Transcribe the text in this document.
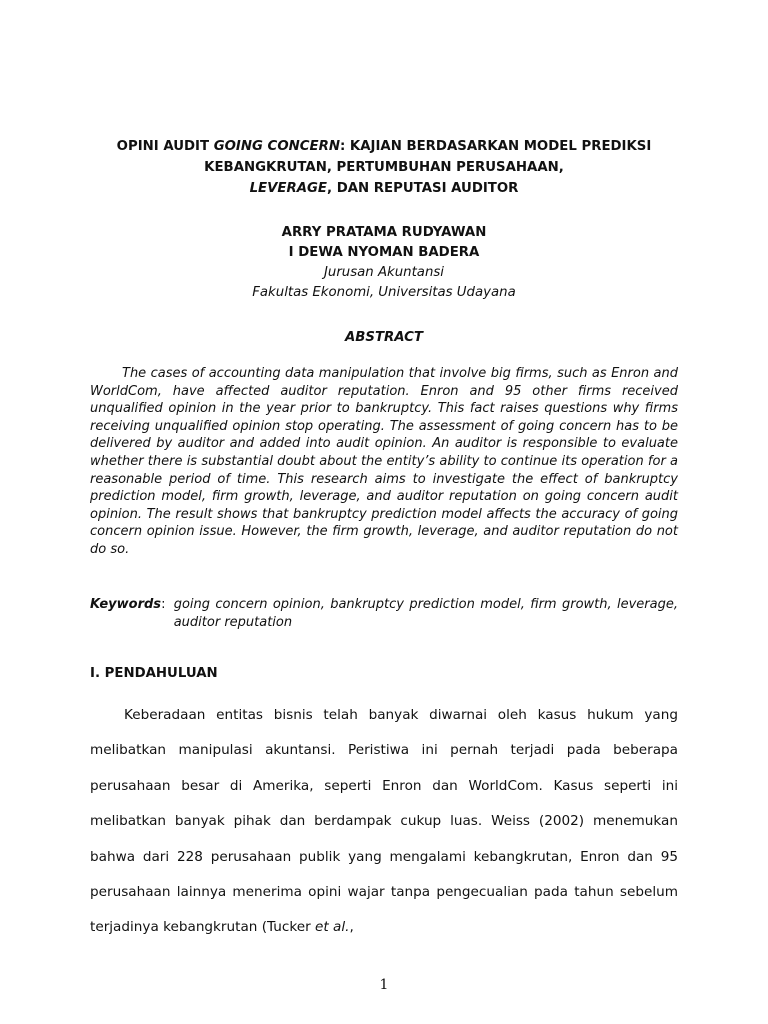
OPINI AUDIT GOING CONCERN: KAJIAN BERDASARKAN MODEL PREDIKSI
KEBANGKRUTAN, PERTUMBUHAN PERUSAHAAN,
LEVERAGE, DAN REPUTASI AUDITOR
ARRY PRATAMA RUDYAWAN
I DEWA NYOMAN BADERA
Jurusan Akuntansi
Fakultas Ekonomi, Universitas Udayana
ABSTRACT

The cases of accounting data manipulation that involve big firms, such as Enron and WorldCom, have affected auditor reputation. Enron and 95 other firms received unqualified opinion in the year prior to bankruptcy. This fact raises questions why firms receiving unqualified opinion stop operating. The assessment of going concern has to be delivered by auditor and added into audit opinion. An auditor is responsible to evaluate whether there is substantial doubt about the entity’s ability to continue its operation for a reasonable period of time. This research aims to investigate the effect of bankruptcy prediction model, firm growth, leverage, and auditor reputation on going concern audit opinion. The result shows that bankruptcy prediction model affects the accuracy of going concern opinion issue. However, the firm growth, leverage, and auditor reputation do not do so.

Keywords : going concern opinion, bankruptcy prediction model, firm growth, leverage, auditor reputation
I. PENDAHULUAN

Keberadaan entitas bisnis telah banyak diwarnai oleh kasus hukum yang melibatkan manipulasi akuntansi. Peristiwa ini pernah terjadi pada beberapa perusahaan besar di Amerika, seperti Enron dan WorldCom. Kasus seperti ini melibatkan banyak pihak dan berdampak cukup luas. Weiss (2002) menemukan bahwa dari 228 perusahaan publik yang mengalami kebangkrutan, Enron dan 95 perusahaan lainnya menerima opini wajar tanpa pengecualian pada tahun sebelum terjadinya kebangkrutan (Tucker et al.,

1
